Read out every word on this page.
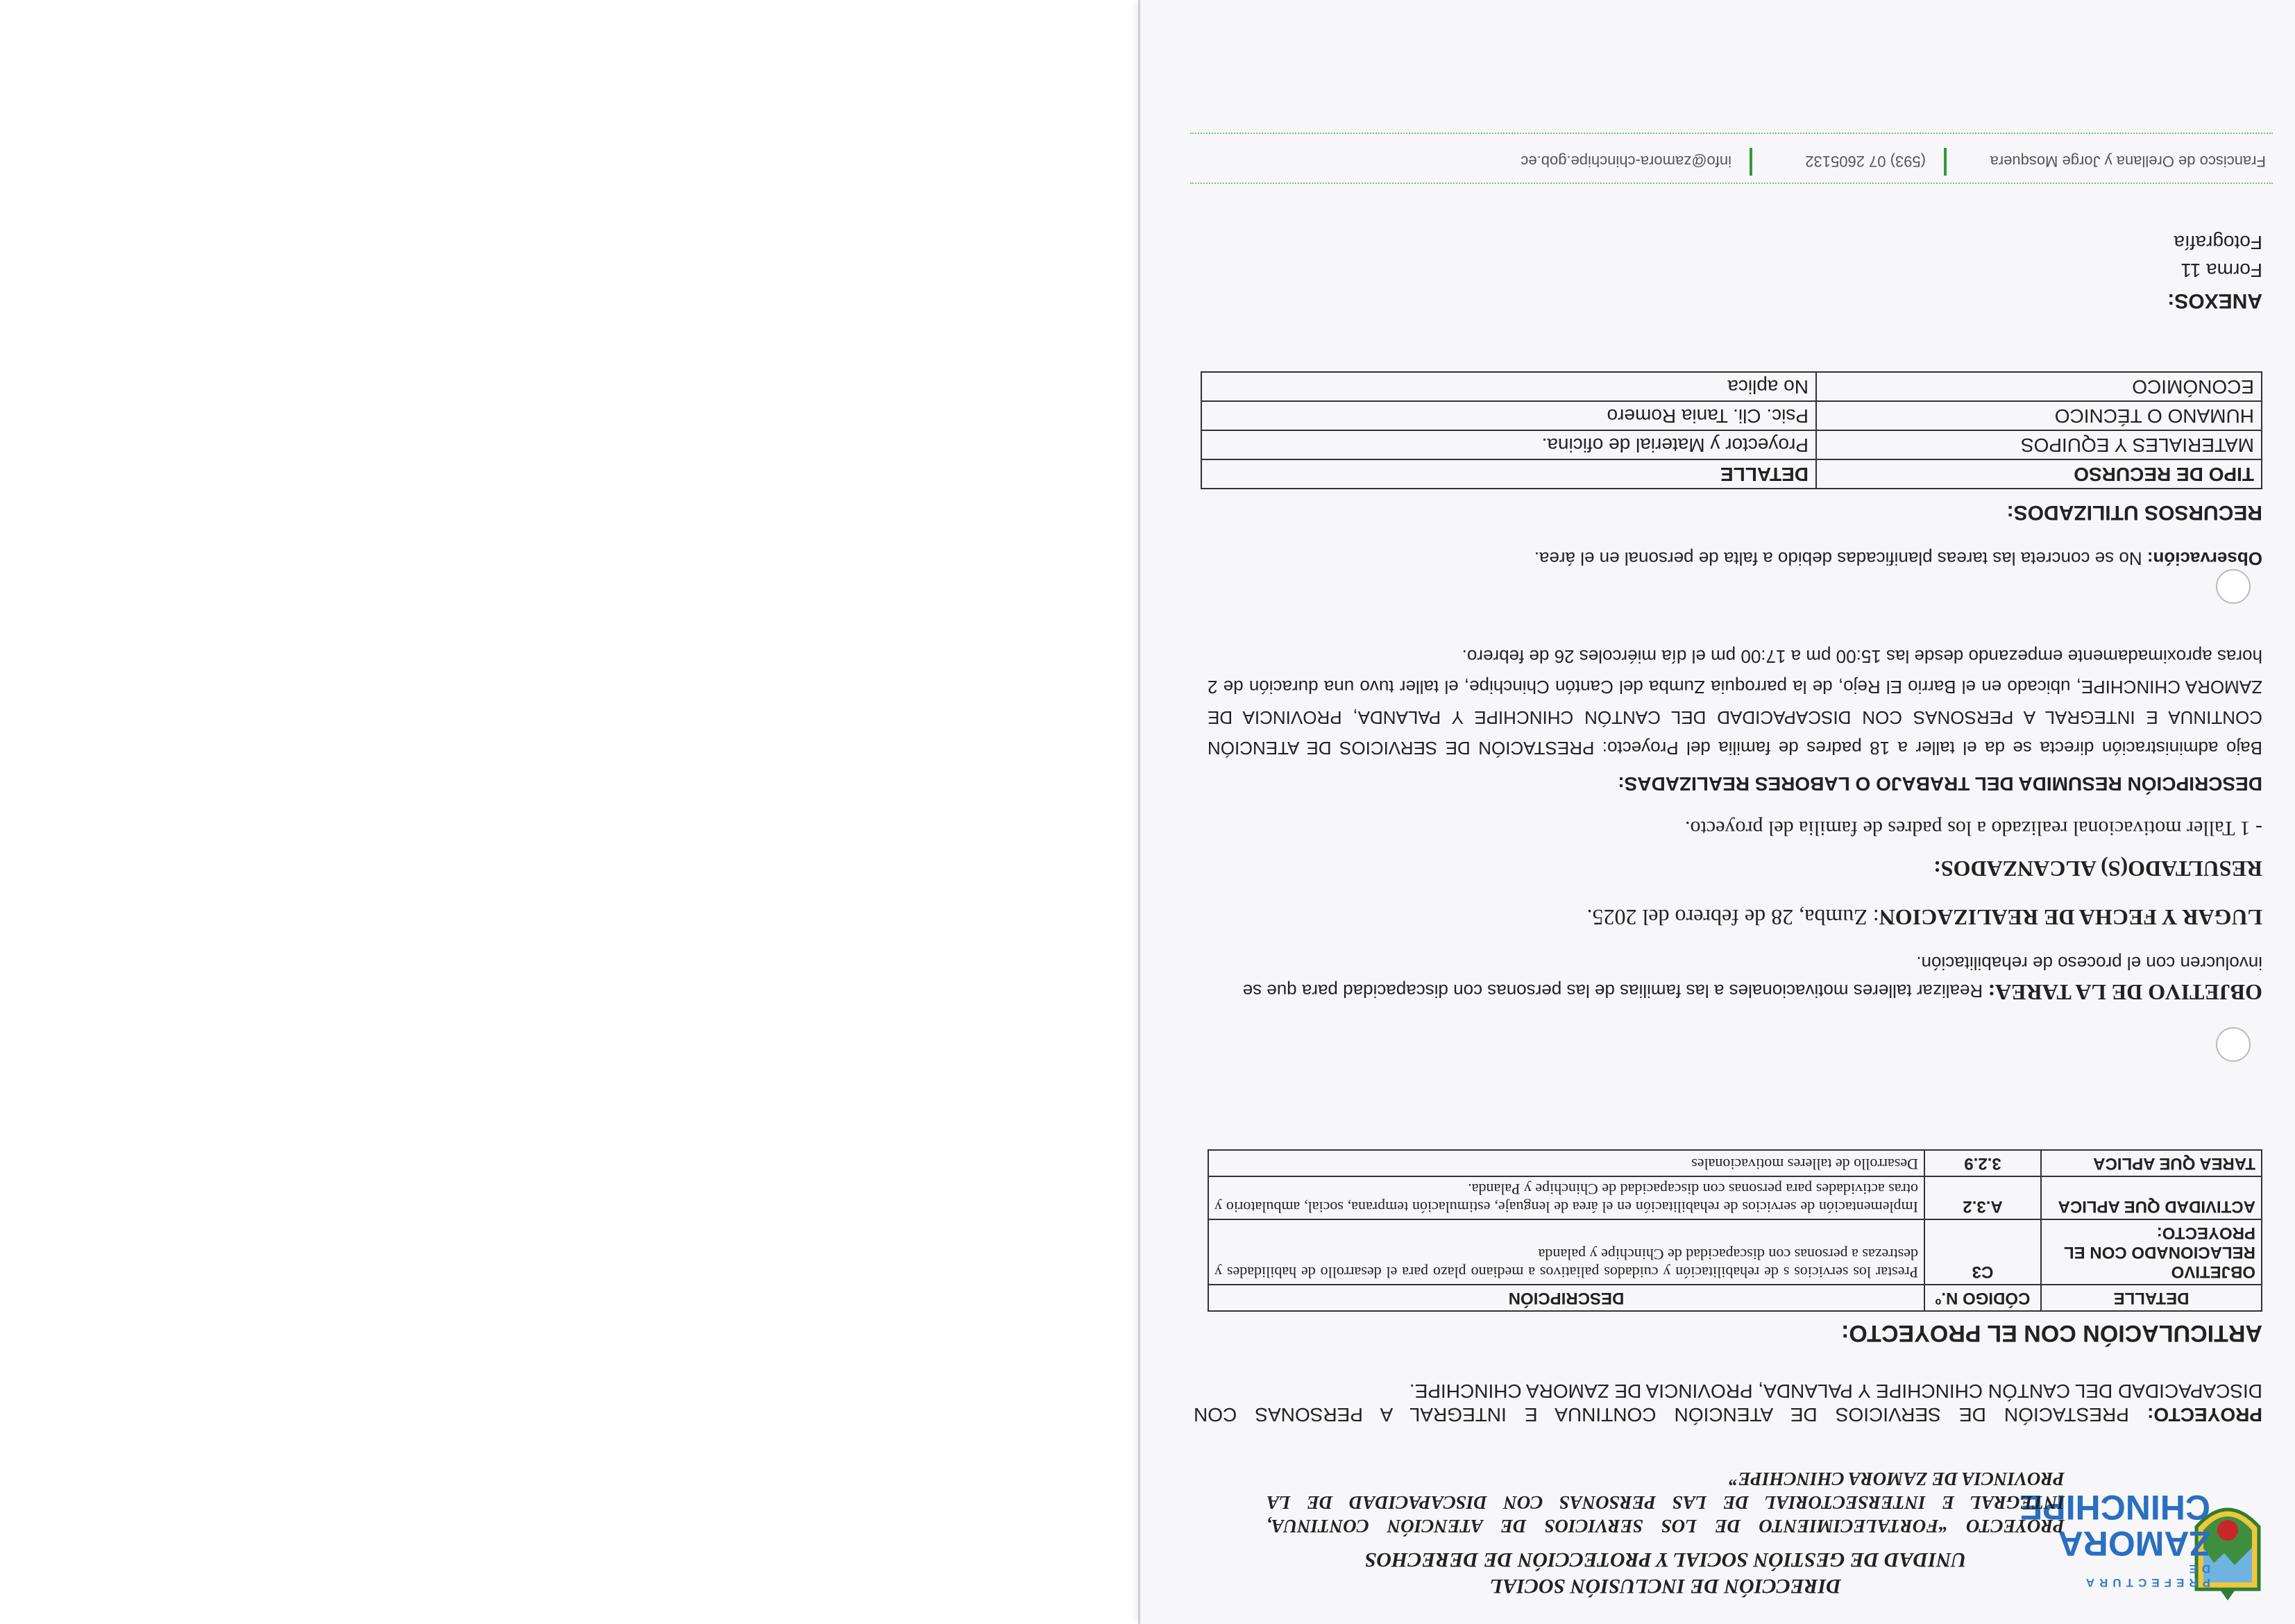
PREFECTURA DE
ZAMORA
CHINCHIPE
DIRECCIÓN DE INCLUSIÓN SOCIAL
UNIDAD DE GESTIÓN SOCIAL Y PROTECCIÓN DE DERECHOS
PROYECTO “FORTALECIMIENTO DE LOS SERVICIOS DE ATENCIÓN CONTINUA, INTEGRAL E INTERSECTORIAL DE LAS PERSONAS CON DISCAPACIDAD DE LA PROVINCIA DE ZAMORA CHINCHIPE”
PROYECTO: PRESTACIÓN DE SERVICIOS DE ATENCIÓN CONTINUA E INTEGRAL A PERSONAS CON DISCAPACIDAD DEL CANTÓN CHINCHIPE Y PALANDA, PROVINCIA DE ZAMORA CHINCHIPE.
ARTICULACIÓN CON EL PROYECTO:
DETALLE	CÓDIGO N.º	DESCRIPCIÓN
OBJETIVO RELACIONADO CON EL PROYECTO:	C3	Prestar los servicios s de rehabilitación y cuidados paliativos a mediano plazo para el desarrollo de habilidades y destrezas a personas con discapacidad de Chinchipe y palanda
ACTIVIDAD QUE APLICA	A.3.2	Implementación de servicios de rehabilitación en el área de lenguaje, estimulación temprana, social, ambulatorio y otras actividades para personas con discapacidad de Chinchipe y Palanda.
TAREA QUE APLICA	3.2.9	Desarrollo de talleres motivacionales
OBJETIVO DE LA TAREA: Realizar talleres motivacionales a las familias de las personas con discapacidad para que se involucren con el proceso de rehabilitación.
LUGAR Y FECHA DE REALIZACION: Zumba, 28 de febrero del 2025.
RESULTADO(S) ALCANZADOS:
- 1 Taller motivacional realizado a los padres de familia del proyecto.
DESCRIPCIÓN RESUMIDA DEL TRABAJO O LABORES REALIZADAS:
Bajo administración directa se da el taller a 18 padres de familia del Proyecto: PRESTACIÓN DE SERVICIOS DE ATENCIÓN CONTINUA E INTEGRAL A PERSONAS CON DISCAPACIDAD DEL CANTÓN CHINCHIPE Y PALANDA, PROVINCIA DE ZAMORA CHINCHIPE, ubicado en el Barrio El Rejo, de la parroquia Zumba del Cantón Chinchipe, el taller tuvo una duración de 2 horas aproximadamente empezando desde las 15:00 pm a 17:00 pm el día miércoles 26 de febrero.
Observación: No se concreta las tareas planificadas debido a falta de personal en el área.
RECURSOS UTILIZADOS:
TIPO DE RECURSO	DETALLE
MATERIALES Y EQUIPOS	Proyector y Material de oficina.
HUMANO O TÉCNICO	Psic. Cli. Tania Romero
ECONÓMICO	No aplica
ANEXOS:
Forma 11
Fotografía
Francisco de Orellana y Jorge Mosquera
(593) 07 2605132
info@zamora-chinchipe.gob.ec
